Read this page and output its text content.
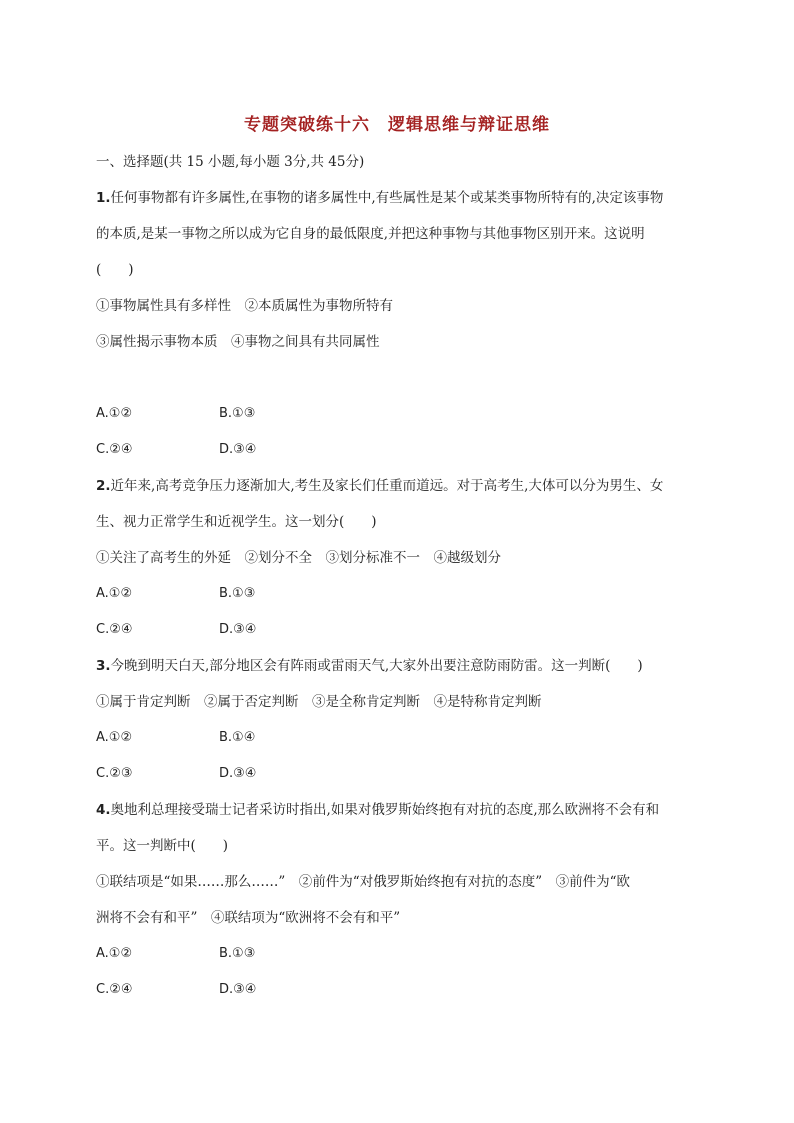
专题突破练十六　逻辑思维与辩证思维
一、选择题(共 15 小题,每小题 3分,共 45分)
1.任何事物都有许多属性,在事物的诸多属性中,有些属性是某个或某类事物所特有的,决定该事物
的本质,是某一事物之所以成为它自身的最低限度,并把这种事物与其他事物区别开来。这说明
(　　)
①事物属性具有多样性　②本质属性为事物所特有
③属性揭示事物本质　④事物之间具有共同属性
A.①②	B.①③
C.②④	D.③④
2.近年来,高考竞争压力逐渐加大,考生及家长们任重而道远。对于高考生,大体可以分为男生、女
生、视力正常学生和近视学生。这一划分(　　)
①关注了高考生的外延　②划分不全　③划分标准不一　④越级划分
A.①②	B.①③
C.②④	D.③④
3.今晚到明天白天,部分地区会有阵雨或雷雨天气,大家外出要注意防雨防雷。这一判断(　　)
①属于肯定判断　②属于否定判断　③是全称肯定判断　④是特称肯定判断
A.①②	B.①④
C.②③	D.③④
4.奥地利总理接受瑞士记者采访时指出,如果对俄罗斯始终抱有对抗的态度,那么欧洲将不会有和
平。这一判断中(　　)
①联结项是“如果……那么……”　②前件为“对俄罗斯始终抱有对抗的态度”　③前件为“欧
洲将不会有和平”　④联结项为“欧洲将不会有和平”
A.①②	B.①③
C.②④	D.③④
